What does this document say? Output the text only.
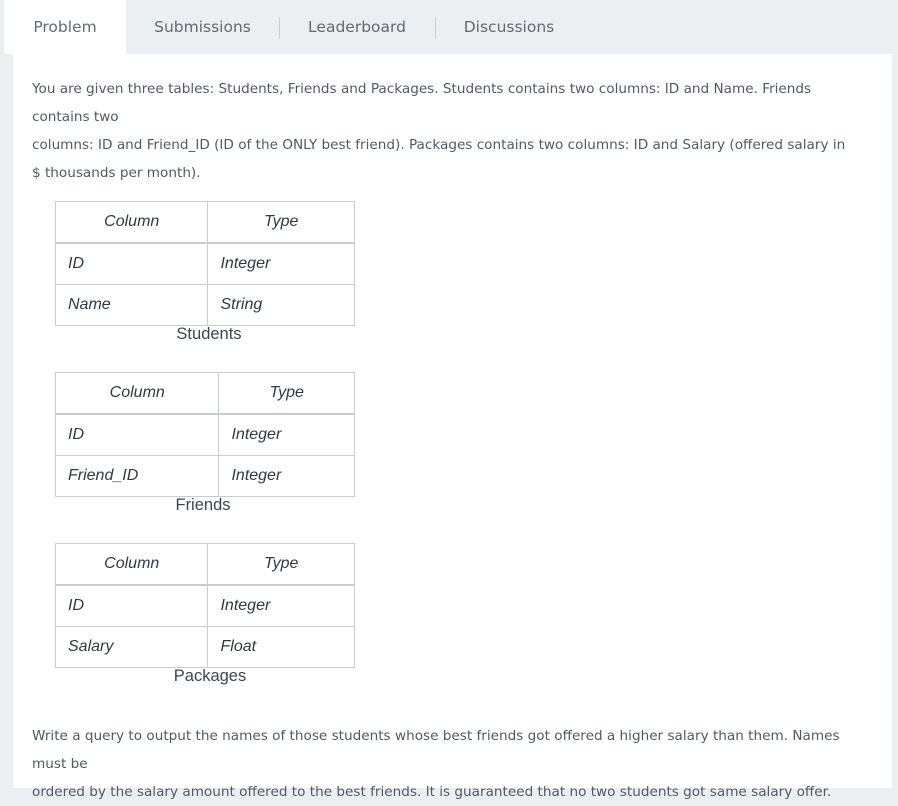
Problem	Submissions	Leaderboard	Discussions
You are given three tables: Students, Friends and Packages. Students contains two columns: ID and Name. Friends contains two
columns: ID and Friend_ID (ID of the ONLY best friend). Packages contains two columns: ID and Salary (offered salary in
$ thousands per month).
Column	Type
ID	Integer
Name	String
Students
Column	Type
ID	Integer
Friend_ID	Integer
Friends
Column	Type
ID	Integer
Salary	Float
Packages
Write a query to output the names of those students whose best friends got offered a higher salary than them. Names must be
ordered by the salary amount offered to the best friends. It is guaranteed that no two students got same salary offer.
